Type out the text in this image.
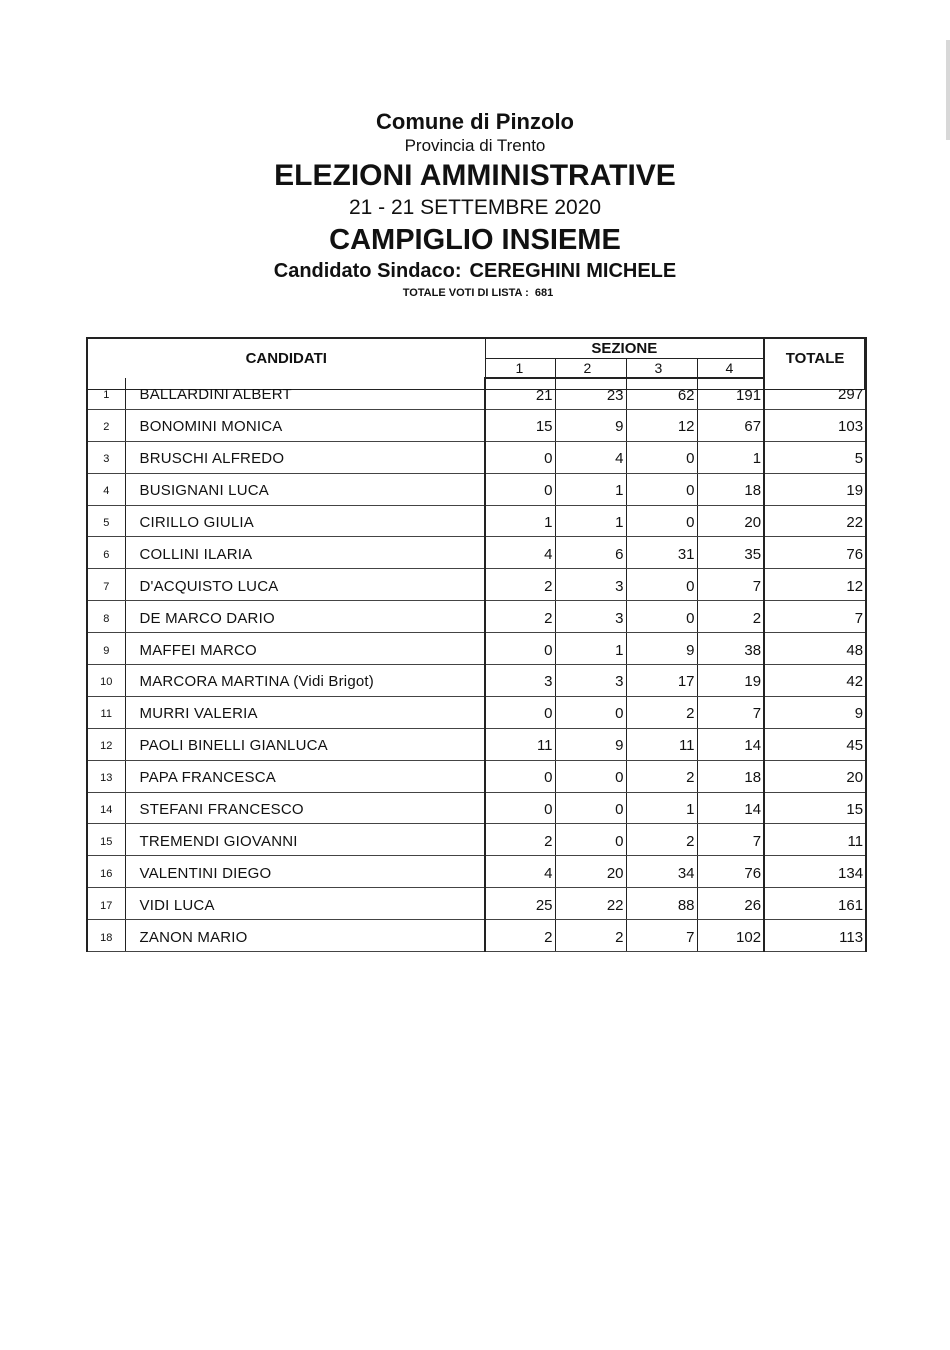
Comune di Pinzolo
Provincia di Trento
ELEZIONI AMMINISTRATIVE
21 - 21 SETTEMBRE 2020
CAMPIGLIO INSIEME
Candidato Sindaco: CEREGHINI MICHELE
TOTALE VOTI DI LISTA : 681
CANDIDATI		SEZIONE				TOTALE
		1	2	3	4	
1	BALLARDINI ALBERT	21	23	62	191	297
2	BONOMINI MONICA	15	9	12	67	103
3	BRUSCHI ALFREDO	0	4	0	1	5
4	BUSIGNANI LUCA	0	1	0	18	19
5	CIRILLO GIULIA	1	1	0	20	22
6	COLLINI ILARIA	4	6	31	35	76
7	D'ACQUISTO LUCA	2	3	0	7	12
8	DE MARCO DARIO	2	3	0	2	7
9	MAFFEI MARCO	0	1	9	38	48
10	MARCORA MARTINA (Vidi Brigot)	3	3	17	19	42
11	MURRI VALERIA	0	0	2	7	9
12	PAOLI BINELLI GIANLUCA	11	9	11	14	45
13	PAPA FRANCESCA	0	0	2	18	20
14	STEFANI FRANCESCO	0	0	1	14	15
15	TREMENDI GIOVANNI	2	0	2	7	11
16	VALENTINI DIEGO	4	20	34	76	134
17	VIDI LUCA	25	22	88	26	161
18	ZANON MARIO	2	2	7	102	113
